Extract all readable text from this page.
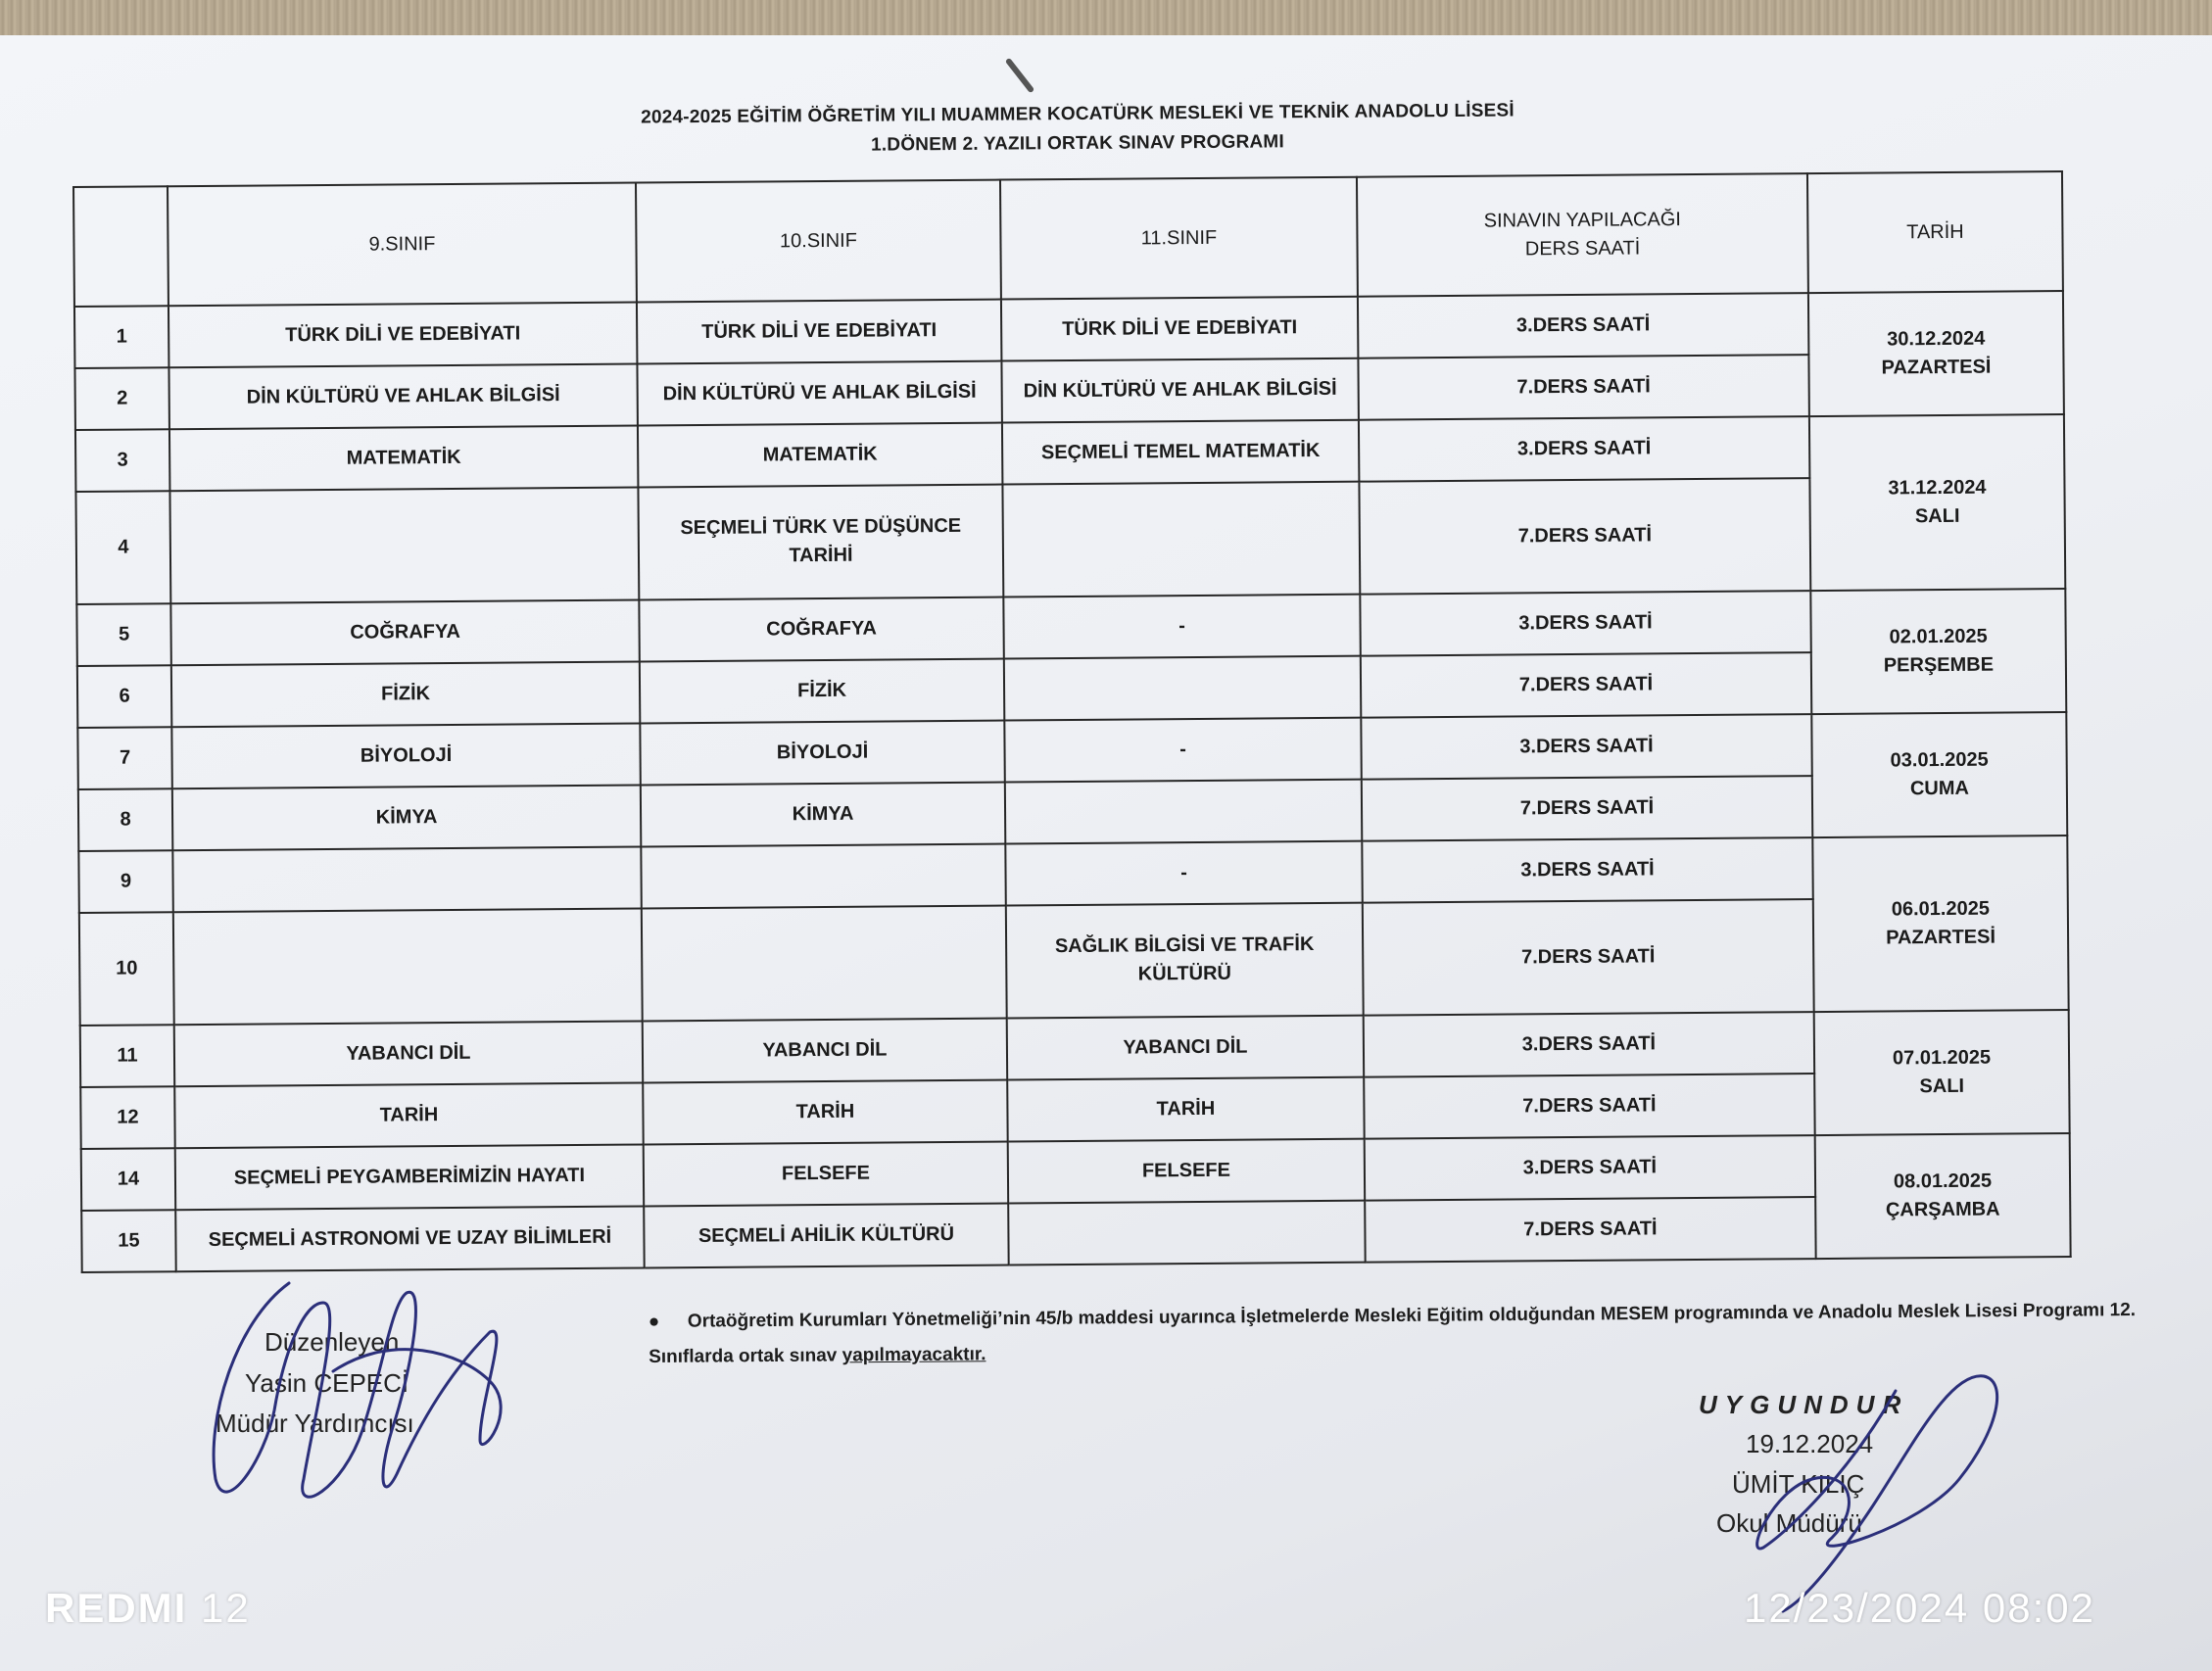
2024-2025 EĞİTİM ÖĞRETİM YILI MUAMMER KOCATÜRK MESLEKİ VE TEKNİK ANADOLU LİSESİ
1.DÖNEM 2. YAZILI ORTAK SINAV PROGRAMI
	9.SINIF	10.SINIF	11.SINIF	SINAVIN YAPILACAĞI
DERS SAATİ	TARİH
1	TÜRK DİLİ VE EDEBİYATI	TÜRK DİLİ VE EDEBİYATI	TÜRK DİLİ VE EDEBİYATI	3.DERS SAATİ	30.12.2024
PAZARTESİ

2	DİN KÜLTÜRÜ VE AHLAK BİLGİSİ	DİN KÜLTÜRÜ VE AHLAK BİLGİSİ	DİN KÜLTÜRÜ VE AHLAK BİLGİSİ	7.DERS SAATİ	
3	MATEMATİK	MATEMATİK	SEÇMELİ TEMEL MATEMATİK	3.DERS SAATİ	31.12.2024
SALI

4		SEÇMELİ TÜRK VE DÜŞÜNCE TARİHİ		7.DERS SAATİ	
5	COĞRAFYA	COĞRAFYA	-	3.DERS SAATİ	02.01.2025
PERŞEMBE

6	FİZİK	FİZİK		7.DERS SAATİ	
7	BİYOLOJİ	BİYOLOJİ	-	3.DERS SAATİ	03.01.2025
CUMA

8	KİMYA	KİMYA		7.DERS SAATİ	
9			-	3.DERS SAATİ	06.01.2025
PAZARTESİ

10			SAĞLIK BİLGİSİ VE TRAFİK KÜLTÜRÜ	7.DERS SAATİ	
11	YABANCI DİL	YABANCI DİL	YABANCI DİL	3.DERS SAATİ	07.01.2025
SALI

12	TARİH	TARİH	TARİH	7.DERS SAATİ	
14	SEÇMELİ PEYGAMBERİMİZİN HAYATI	FELSEFE	FELSEFE	3.DERS SAATİ	08.01.2025
ÇARŞAMBA

15	SEÇMELİ ASTRONOMİ VE UZAY BİLİMLERİ	SEÇMELİ AHİLİK KÜLTÜRÜ		7.DERS SAATİ	
● Ortaöğretim Kurumları Yönetmeliği’nin 45/b maddesi uyarınca İşletmelerde Mesleki Eğitim olduğundan MESEM programında ve Anadolu Meslek Lisesi Programı 12. Sınıflarda ortak sınav yapılmayacaktır.
Düzenleyen
Yasin CEPECİ
Müdür Yardımcısı
UYGUNDUR
19.12.2024
ÜMİT KILIÇ
Okul Müdürü
REDMI 12	12/23/2024 08:02
